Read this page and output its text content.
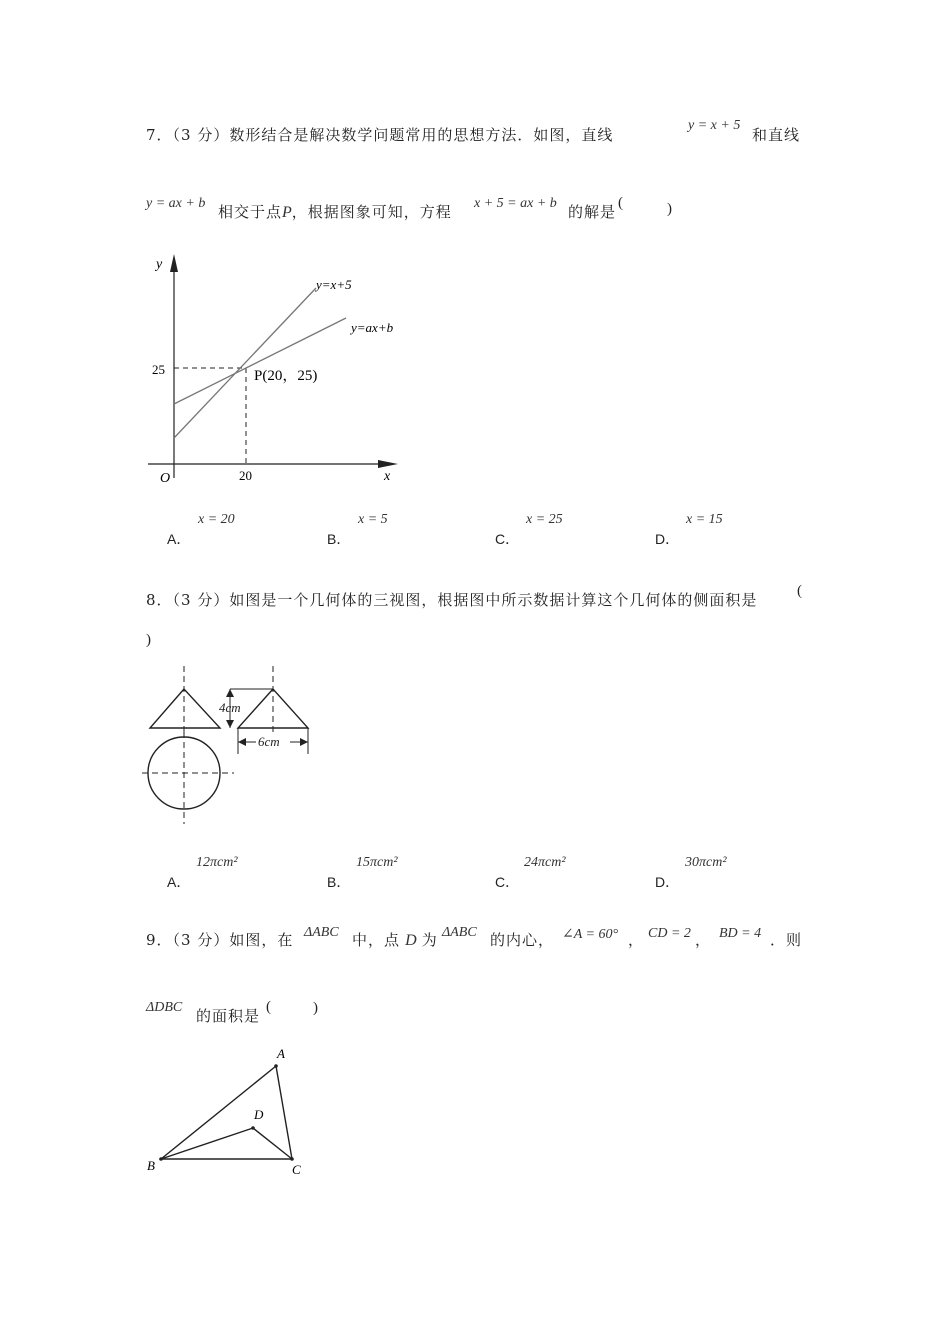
7．（3 分）数形结合是解决数学问题常用的思想方法．如图，直线
y = x + 5
和直线
y = ax + b 相交于点P，根据图象可知，方程 x + 5 = ax + b 的解是 (	)
y
x
O
25
20
y=x+5
y=ax+b
P(20，25)
x = 20
A．
x = 5
B．
x = 25
C．
x = 15
D．
8．（3 分）如图是一个几何体的三视图，根据图中所示数据计算这个几何体的侧面积是	(
)
4cm
6cm
12πcm²
A．
15πcm²
B．
24πcm²
C．
30πcm²
D．
9．（3 分）如图，在 ΔABC 中，点 D 为 ΔABC 的内心， ∠A = 60° ， CD = 2 ， BD = 4 ．则
ΔDBC 的面积是 (	)
A
B	C
D
